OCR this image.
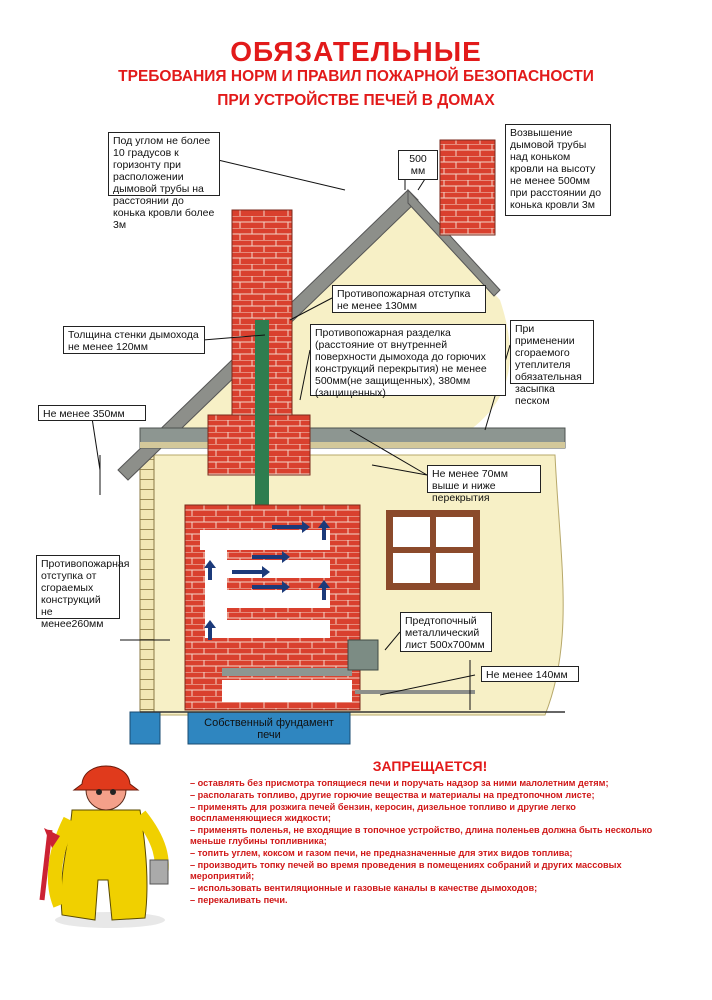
ОБЯЗАТЕЛЬНЫЕ
ТРЕБОВАНИЯ НОРМ И ПРАВИЛ ПОЖАРНОЙ БЕЗОПАСНОСТИ
ПРИ УСТРОЙСТВЕ ПЕЧЕЙ В ДОМАХ
Под углом не более 10 градусов к горизонту при расположении дымовой трубы на расстоянии до конька кровли более 3м
500 мм
Возвышение дымовой трубы над коньком кровли на высоту не менее 500мм при расстоянии до конька кровли 3м
Противопожарная отступка не менее 130мм
Толщина стенки дымохода не менее 120мм
Противопожарная разделка (расстояние от внутренней поверхности дымохода до горючих конструкций перекрытия) не менее 500мм(не защищенных), 380мм (защищенных)
При применении сгораемого утеплителя обязательная засыпка песком
Не менее 350мм
Не менее 70мм выше и ниже перекрытия
Противопожарная отступка от сгораемых конструкций не менее260мм	Предтопочный металлический лист 500х700мм
Не менее 140мм
Собственный фундамент печи
ЗАПРЕЩАЕТСЯ!
– оставлять без присмотра топящиеся печи и поручать надзор за ними малолетним детям;
– располагать топливо, другие горючие вещества и материалы на предтопочном листе;
– применять для розжига печей бензин, керосин, дизельное топливо и другие легко воспламеняющиеся жидкости;
– применять поленья, не входящие в топочное устройство, длина поленьев должна быть несколько меньше глубины топливника;
– топить углем, коксом и газом печи, не предназначенные для этих видов топлива;
– производить топку печей во время проведения в помещениях собраний и других массовых мероприятий;
– использовать вентиляционные и газовые каналы в качестве дымоходов;
– перекаливать печи.
